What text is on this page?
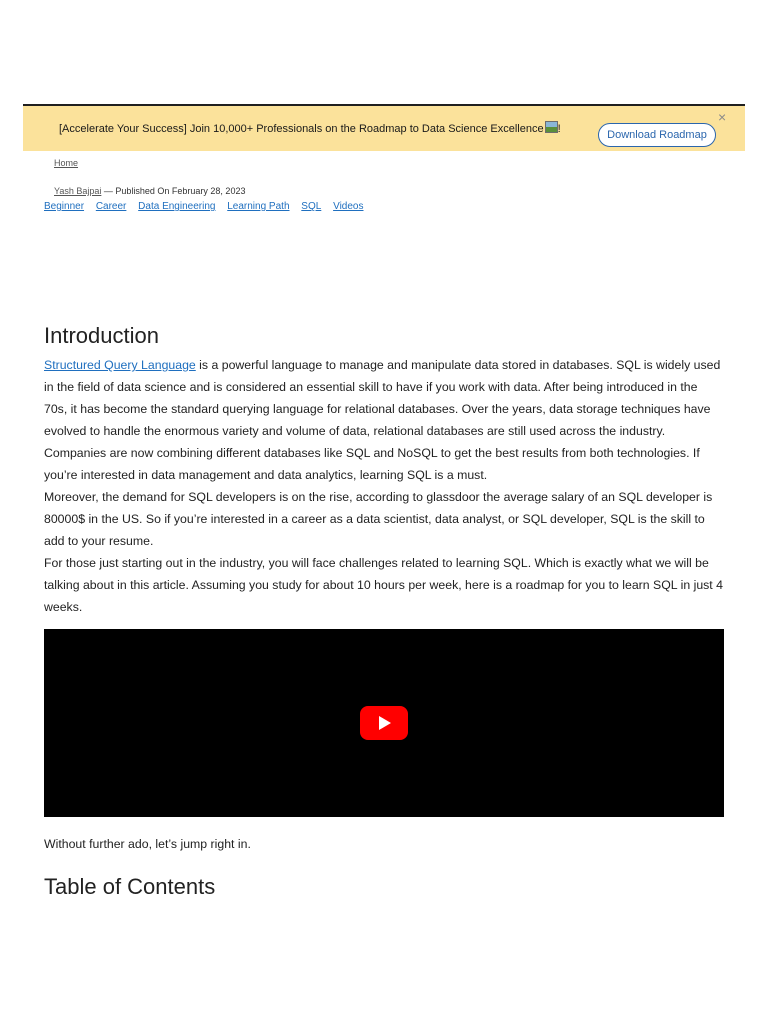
[Accelerate Your Success] Join 10,000+ Professionals on the Roadmap to Data Science Excellence !	Download Roadmap
×
Home
Yash Bajpai — Published On February 28, 2023
Beginner Career Data Engineering Learning Path SQL Videos
Introduction

Structured Query Language is a powerful language to manage and manipulate data stored in databases. SQL is widely used in the field of data science and is considered an essential skill to have if you work with data. After being introduced in the 70s, it has become the standard querying language for relational databases. Over the years, data storage techniques have evolved to handle the enormous variety and volume of data, relational databases are still used across the industry. Companies are now combining different databases like SQL and NoSQL to get the best results from both technologies. If you’re interested in data management and data analytics, learning SQL is a must.

Moreover, the demand for SQL developers is on the rise, according to glassdoor the average salary of an SQL developer is 80000$ in the US. So if you’re interested in a career as a data scientist, data analyst, or SQL developer, SQL is the skill to add to your resume.

For those just starting out in the industry, you will face challenges related to learning SQL. Which is exactly what we will be talking about in this article. Assuming you study for about 10 hours per week, here is a roadmap for you to learn SQL in just 4 weeks.

Without further ado, let’s jump right in.

Table of Contents
